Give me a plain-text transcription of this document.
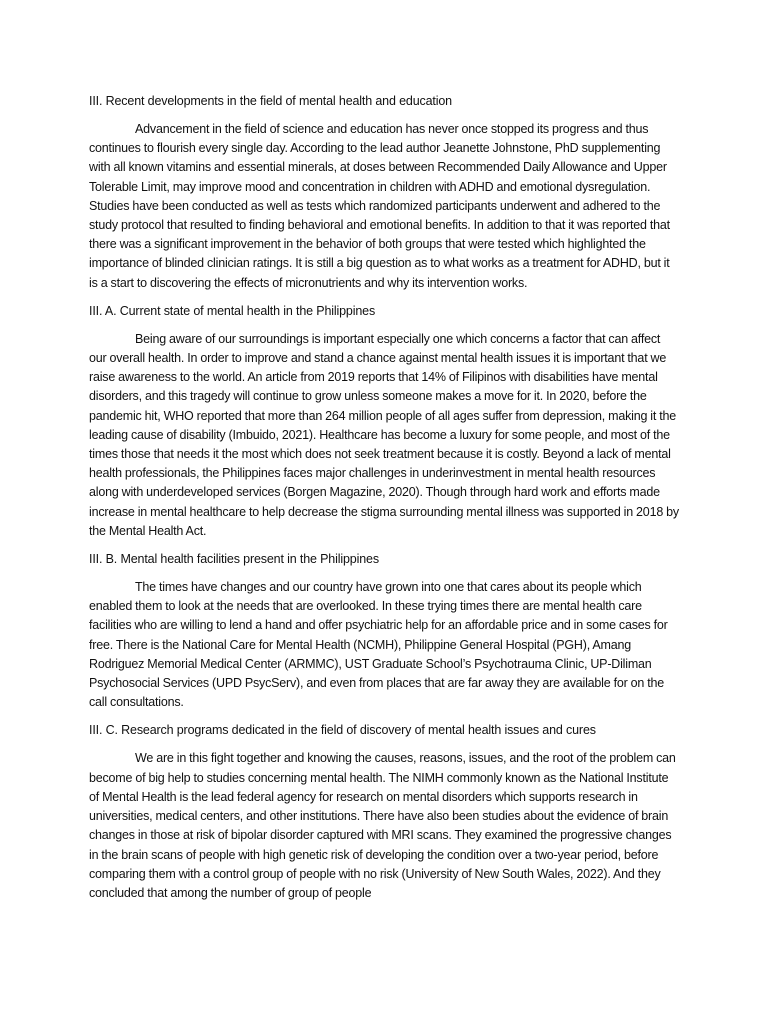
III. Recent developments in the field of mental health and education
Advancement in the field of science and education has never once stopped its progress and thus continues to flourish every single day. According to the lead author Jeanette Johnstone, PhD supplementing with all known vitamins and essential minerals, at doses between Recommended Daily Allowance and Upper Tolerable Limit, may improve mood and concentration in children with ADHD and emotional dysregulation. Studies have been conducted as well as tests which randomized participants underwent and adhered to the study protocol that resulted to finding behavioral and emotional benefits. In addition to that it was reported that there was a significant improvement in the behavior of both groups that were tested which highlighted the importance of blinded clinician ratings. It is still a big question as to what works as a treatment for ADHD, but it is a start to discovering the effects of micronutrients and why its intervention works.
III. A. Current state of mental health in the Philippines
Being aware of our surroundings is important especially one which concerns a factor that can affect our overall health. In order to improve and stand a chance against mental health issues it is important that we raise awareness to the world. An article from 2019 reports that 14% of Filipinos with disabilities have mental disorders, and this tragedy will continue to grow unless someone makes a move for it. In 2020, before the pandemic hit, WHO reported that more than 264 million people of all ages suffer from depression, making it the leading cause of disability (Imbuido, 2021). Healthcare has become a luxury for some people, and most of the times those that needs it the most which does not seek treatment because it is costly. Beyond a lack of mental health professionals, the Philippines faces major challenges in underinvestment in mental health resources along with underdeveloped services (Borgen Magazine, 2020). Though through hard work and efforts made increase in mental healthcare to help decrease the stigma surrounding mental illness was supported in 2018 by the Mental Health Act.
III. B. Mental health facilities present in the Philippines
The times have changes and our country have grown into one that cares about its people which enabled them to look at the needs that are overlooked. In these trying times there are mental health care facilities who are willing to lend a hand and offer psychiatric help for an affordable price and in some cases for free. There is the National Care for Mental Health (NCMH), Philippine General Hospital (PGH), Amang Rodriguez Memorial Medical Center (ARMMC), UST Graduate School’s Psychotrauma Clinic, UP-Diliman Psychosocial Services (UPD PsycServ), and even from places that are far away they are available for on the call consultations.
III. C. Research programs dedicated in the field of discovery of mental health issues and cures
We are in this fight together and knowing the causes, reasons, issues, and the root of the problem can become of big help to studies concerning mental health. The NIMH commonly known as the National Institute of Mental Health is the lead federal agency for research on mental disorders which supports research in universities, medical centers, and other institutions. There have also been studies about the evidence of brain changes in those at risk of bipolar disorder captured with MRI scans. They examined the progressive changes in the brain scans of people with high genetic risk of developing the condition over a two-year period, before comparing them with a control group of people with no risk (University of New South Wales, 2022). And they concluded that among the number of group of people
